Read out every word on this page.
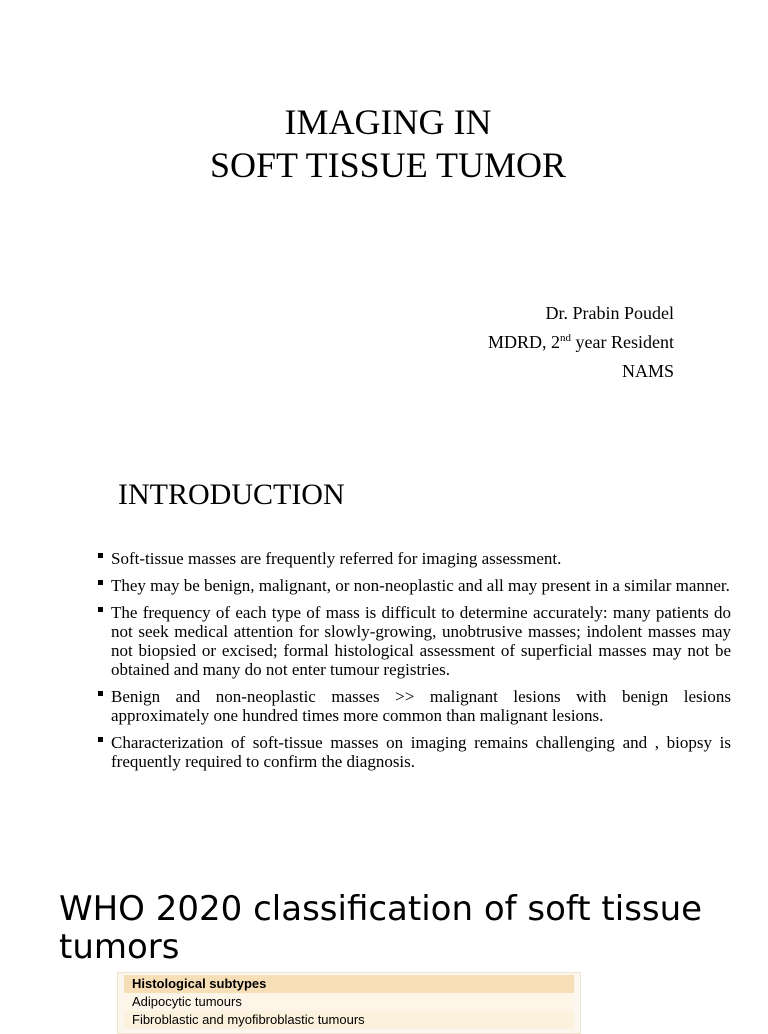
IMAGING IN
SOFT TISSUE TUMOR
Dr. Prabin Poudel
MDRD, 2nd year Resident
NAMS
INTRODUCTION
Soft-tissue masses are frequently referred for imaging assessment.
They may be benign, malignant, or non-neoplastic and all may present in a similar manner.
The frequency of each type of mass is difficult to determine accurately: many patients do not seek medical attention for slowly-growing, unobtrusive masses; indolent masses may not biopsied or excised; formal histological assessment of superficial masses may not be obtained and many do not enter tumour registries.
Benign and non-neoplastic masses >> malignant lesions with benign lesions approximately one hundred times more common than malignant lesions.
Characterization of soft-tissue masses on imaging remains challenging and , biopsy is frequently required to confirm the diagnosis.
WHO 2020 classification of soft tissue tumors
Histological subtypes
Adipocytic tumours
Fibroblastic and myofibroblastic tumours
